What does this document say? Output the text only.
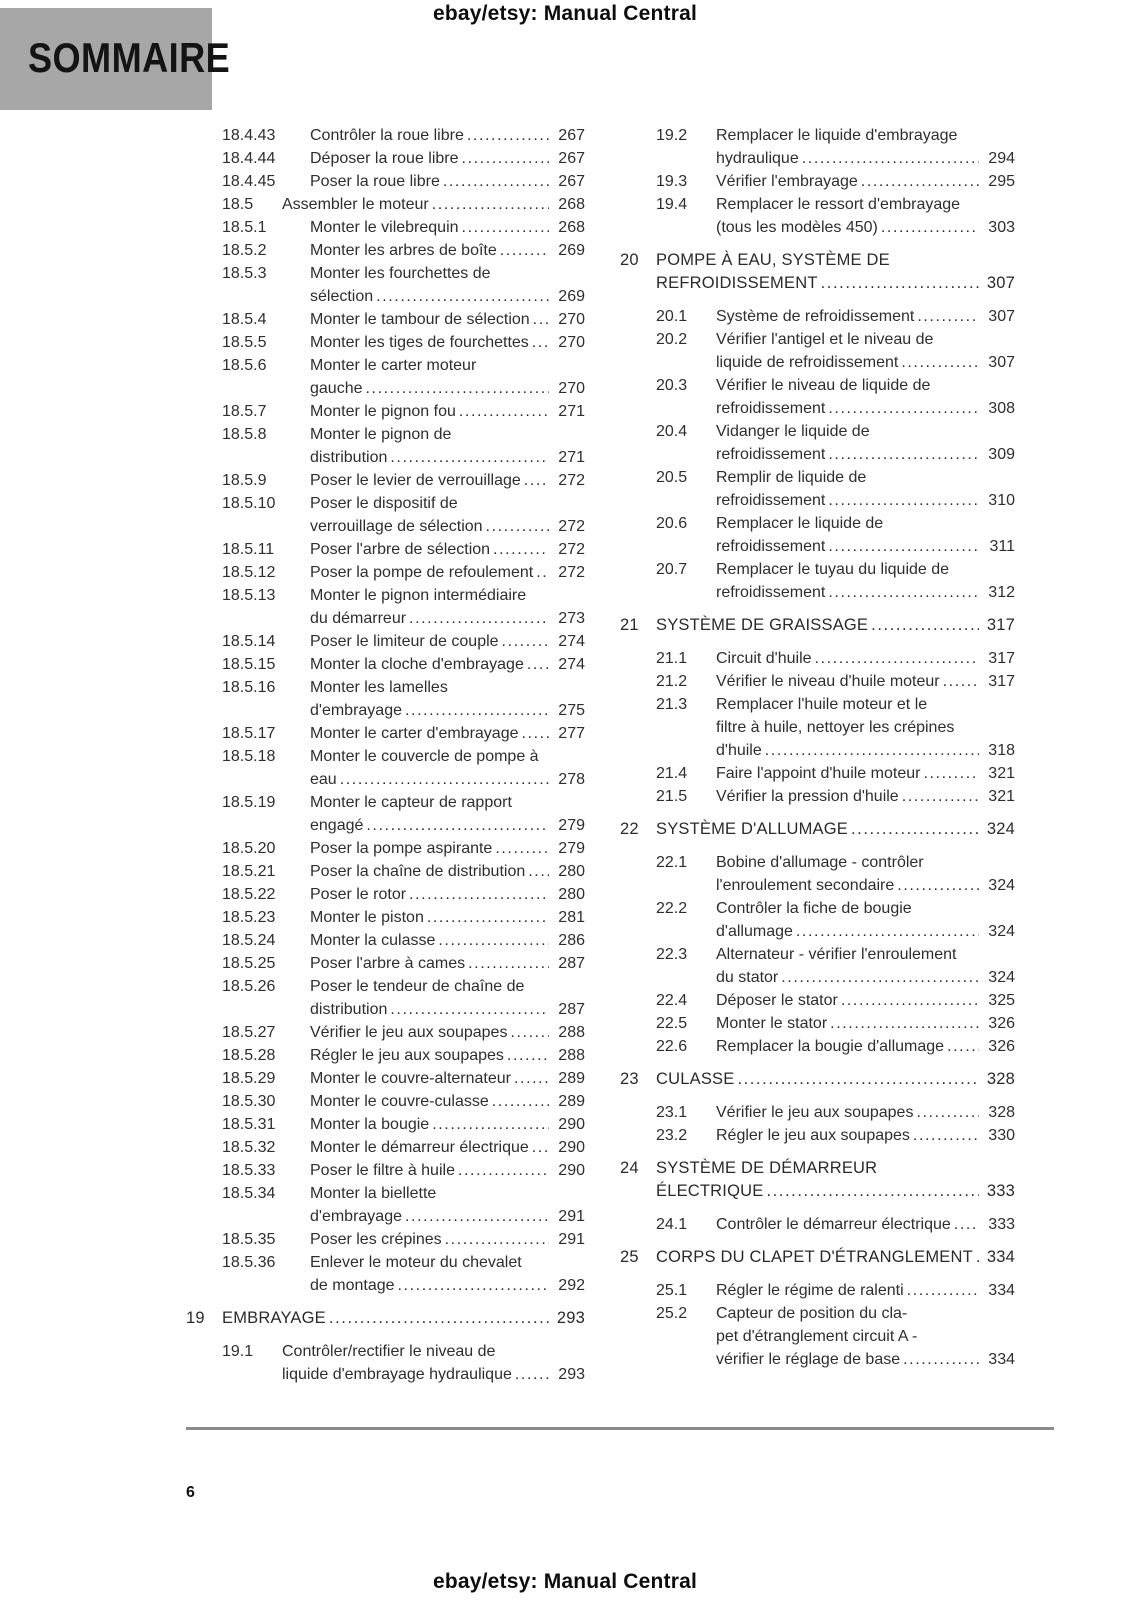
ebay/etsy: Manual Central
SOMMAIRE
18.4.43	Contrôler la roue libre .....	267
18.4.44	Déposer la roue libre .....	267
18.4.45	Poser la roue libre .....	267
18.5	Assembler le moteur .....	268
18.5.1	Monter le vilebrequin .....	268
18.5.2	Monter les arbres de boîte .....	269
18.5.3	Monter les fourchettes de
sélection .....	269
18.5.4	Monter le tambour de sélection ..... 270
18.5.5	Monter les tiges de fourchettes ..... 270
18.5.6	Monter le carter moteur
gauche .....	270
18.5.7	Monter le pignon fou .....	271
18.5.8	Monter le pignon de
distribution .....	271
18.5.9	Poser le levier de verrouillage ..... 272
18.5.10	Poser le dispositif de
verrouillage de sélection .....	272
18.5.11	Poser l'arbre de sélection .....	272
18.5.12	Poser la pompe de refoulement ..... 272
18.5.13	Monter le pignon intermédiaire
du démarreur .....	273
18.5.14	Poser le limiteur de couple .....	274
18.5.15	Monter la cloche d'embrayage ..... 274
18.5.16	Monter les lamelles
d'embrayage .....	275
18.5.17	Monter le carter d'embrayage ..... 277
18.5.18	Monter le couvercle de pompe à
eau .....	278
18.5.19	Monter le capteur de rapport
engagé .....	279
18.5.20	Poser la pompe aspirante .....	279
18.5.21	Poser la chaîne de distribution ..... 280
18.5.22	Poser le rotor .....	280
18.5.23	Monter le piston .....	281
18.5.24	Monter la culasse .....	286
18.5.25	Poser l'arbre à cames .....	287
18.5.26	Poser le tendeur de chaîne de
distribution .....	287
18.5.27	Vérifier le jeu aux soupapes .....	288
18.5.28	Régler le jeu aux soupapes .....	288
18.5.29	Monter le couvre-alternateur .....	289
18.5.30	Monter le couvre-culasse .....	289
18.5.31	Monter la bougie .....	290
18.5.32	Monter le démarreur électrique ..... 290
18.5.33	Poser le filtre à huile .....	290
18.5.34	Monter la biellette
d'embrayage .....	291
18.5.35	Poser les crépines .....	291
18.5.36	Enlever le moteur du chevalet
de montage .....	292
19	EMBRAYAGE .....	293
19.1	Contrôler/rectifier le niveau de
liquide d'embrayage hydraulique .....	293
19.2	Remplacer le liquide d'embrayage
hydraulique .....	294
19.3	Vérifier l'embrayage .....	295
19.4	Remplacer le ressort d'embrayage
(tous les modèles 450) .....	303
20	POMPE À EAU, SYSTÈME DE
REFROIDISSEMENT .....	307
20.1	Système de refroidissement .....	307
20.2	Vérifier l'antigel et le niveau de
liquide de refroidissement .....	307
20.3	Vérifier le niveau de liquide de
refroidissement .....	308
20.4	Vidanger le liquide de
refroidissement .....	309
20.5	Remplir de liquide de
refroidissement .....	310
20.6	Remplacer le liquide de
refroidissement .....	311
20.7	Remplacer le tuyau du liquide de
refroidissement .....	312
21	SYSTÈME DE GRAISSAGE .....	317
21.1	Circuit d'huile .....	317
21.2	Vérifier le niveau d'huile moteur .....	317
21.3	Remplacer l'huile moteur et le
filtre à huile, nettoyer les crépines
d'huile .....	318
21.4	Faire l'appoint d'huile moteur .....	321
21.5	Vérifier la pression d'huile .....	321
22	SYSTÈME D'ALLUMAGE .....	324
22.1	Bobine d'allumage - contrôler
l'enroulement secondaire .....	324
22.2	Contrôler la fiche de bougie
d'allumage .....	324
22.3	Alternateur - vérifier l'enroulement
du stator .....	324
22.4	Déposer le stator .....	325
22.5	Monter le stator .....	326
22.6	Remplacer la bougie d'allumage .....	326
23	CULASSE .....	328
23.1	Vérifier le jeu aux soupapes .....	328
23.2	Régler le jeu aux soupapes .....	330
24	SYSTÈME DE DÉMARREUR
ÉLECTRIQUE .....	333
24.1	Contrôler le démarreur électrique ..... 333
25	CORPS DU CLAPET D'ÉTRANGLEMENT ..... 334
25.1	Régler le régime de ralenti .....	334
25.2	Capteur de position du cla-
pet d'étranglement circuit A -
vérifier le réglage de base .....	334
6
ebay/etsy: Manual Central
